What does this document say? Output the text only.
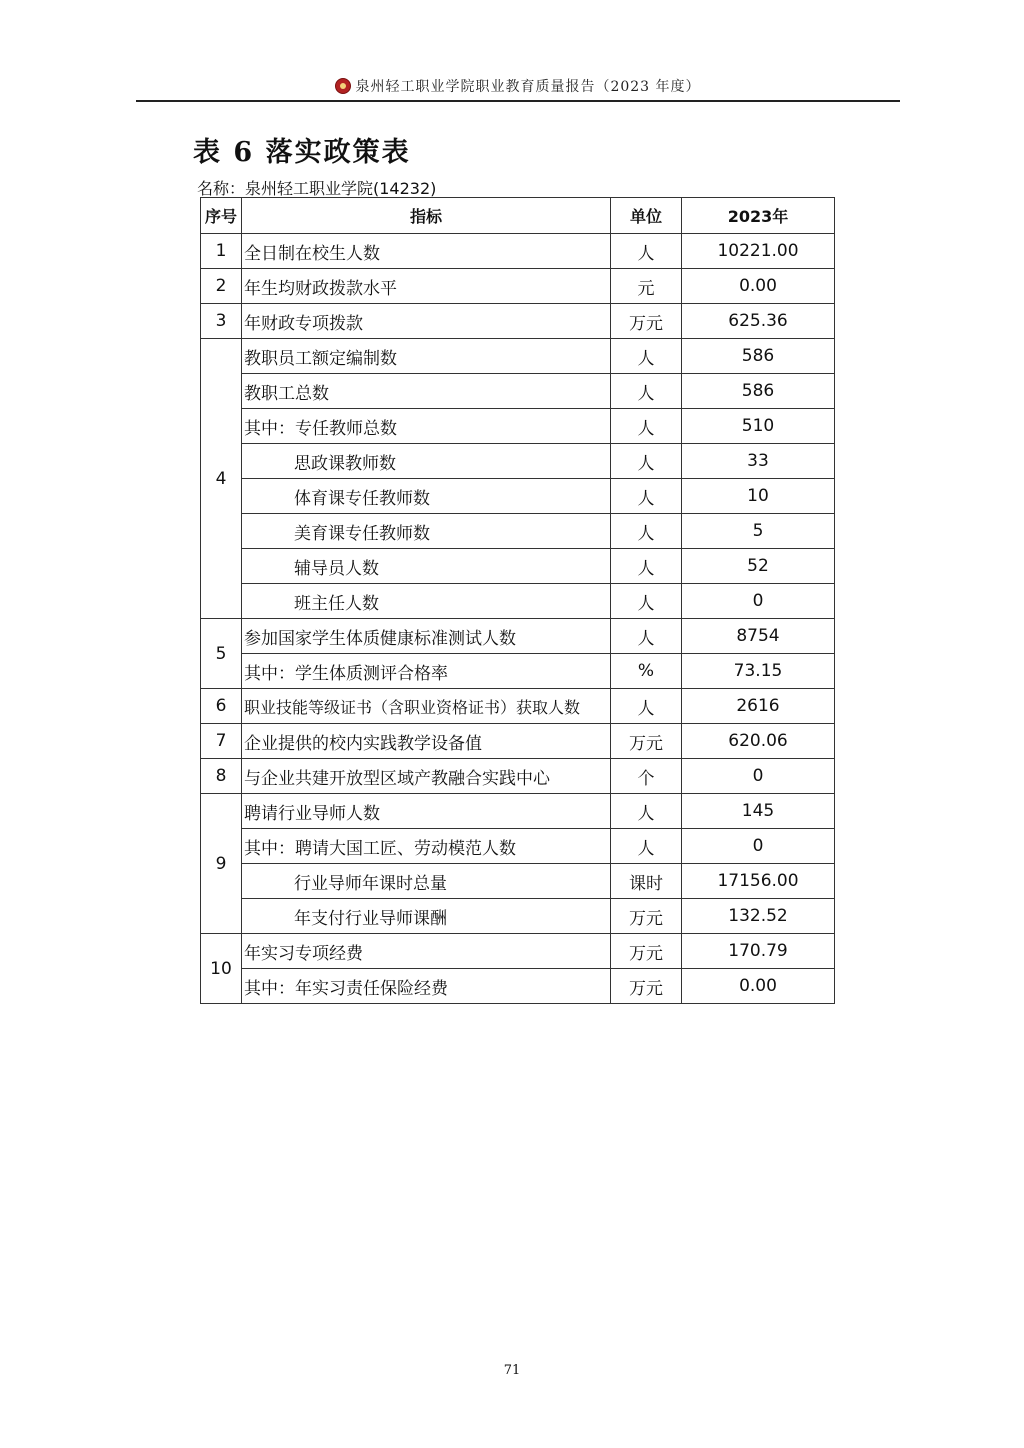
泉州轻工职业学院职业教育质量报告（2023 年度）
表 6 落实政策表
名称：泉州轻工职业学院(14232)
序号	指标	单位	2023年
1	全日制在校生人数	人	10221.00
2	年生均财政拨款水平	元	0.00
3	年财政专项拨款	万元	625.36
4	教职员工额定编制数	人	586
	教职工总数	人	586
	其中：专任教师总数	人	510
	思政课教师数	人	33
	体育课专任教师数	人	10
	美育课专任教师数	人	5
	辅导员人数	人	52
	班主任人数	人	0
5	参加国家学生体质健康标准测试人数	人	8754
	其中：学生体质测评合格率	%	73.15
6	职业技能等级证书（含职业资格证书）获取人数	人	2616
7	企业提供的校内实践教学设备值	万元	620.06
8	与企业共建开放型区域产教融合实践中心	个	0
9	聘请行业导师人数	人	145
	其中：聘请大国工匠、劳动模范人数	人	0
	行业导师年课时总量	课时	17156.00
	年支付行业导师课酬	万元	132.52
10	年实习专项经费	万元	170.79
	其中：年实习责任保险经费	万元	0.00
71
